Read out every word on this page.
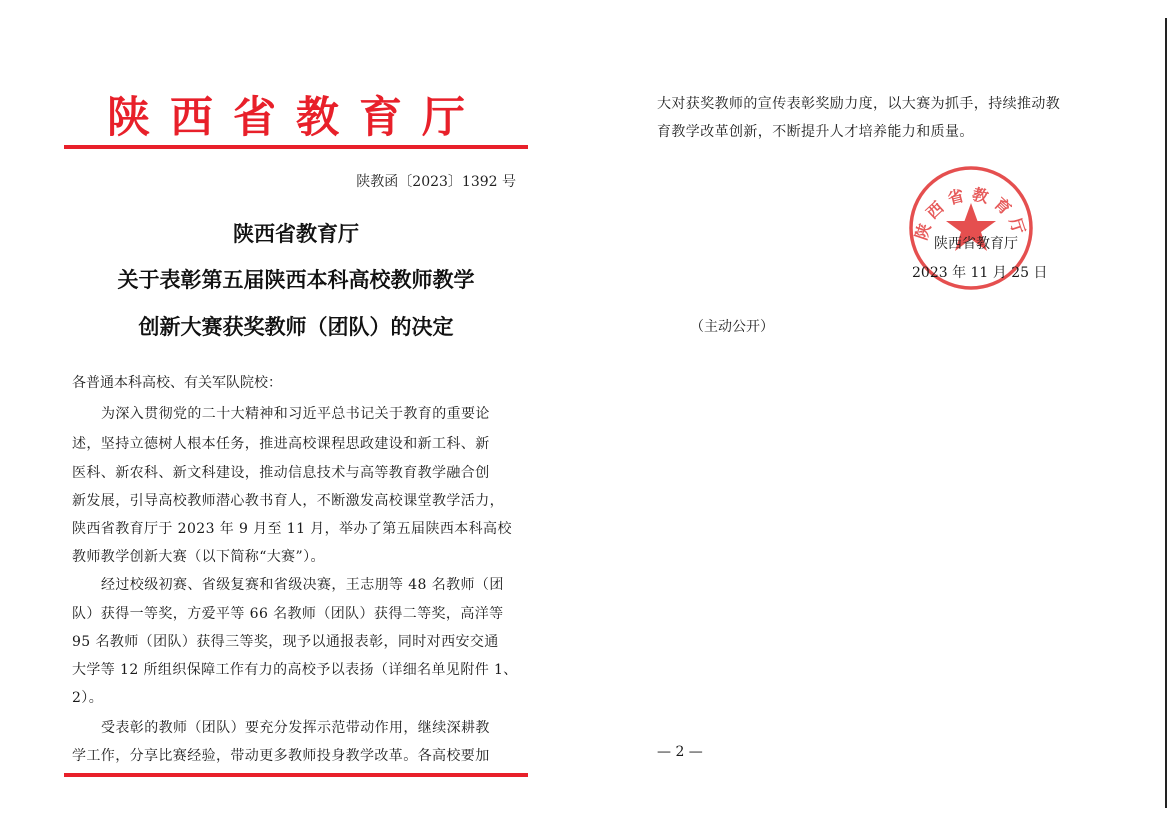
陕西省教育厅
陕教函〔2023〕1392 号
陕西省教育厅
关于表彰第五届陕西本科高校教师教学
创新大赛获奖教师（团队）的决定
各普通本科高校、有关军队院校：
为深入贯彻党的二十大精神和习近平总书记关于教育的重要论
述，坚持立德树人根本任务，推进高校课程思政建设和新工科、新
医科、新农科、新文科建设，推动信息技术与高等教育教学融合创
新发展，引导高校教师潜心教书育人，不断激发高校课堂教学活力，
陕西省教育厅于 2023 年 9 月至 11 月，举办了第五届陕西本科高校
教师教学创新大赛（以下简称“大赛”）。
经过校级初赛、省级复赛和省级决赛，王志朋等 48 名教师（团
队）获得一等奖，方爱平等 66 名教师（团队）获得二等奖，高洋等
95 名教师（团队）获得三等奖，现予以通报表彰，同时对西安交通
大学等 12 所组织保障工作有力的高校予以表扬（详细名单见附件 1、
2）。
受表彰的教师（团队）要充分发挥示范带动作用，继续深耕教
学工作，分享比赛经验，带动更多教师投身教学改革。各高校要加
大对获奖教师的宣传表彰奖励力度，以大赛为抓手，持续推动教
育教学改革创新，不断提升人才培养能力和质量。
陕西省教育厅
陕西省教育厅
2023 年 11 月 25 日
（主动公开）
— 2 —
